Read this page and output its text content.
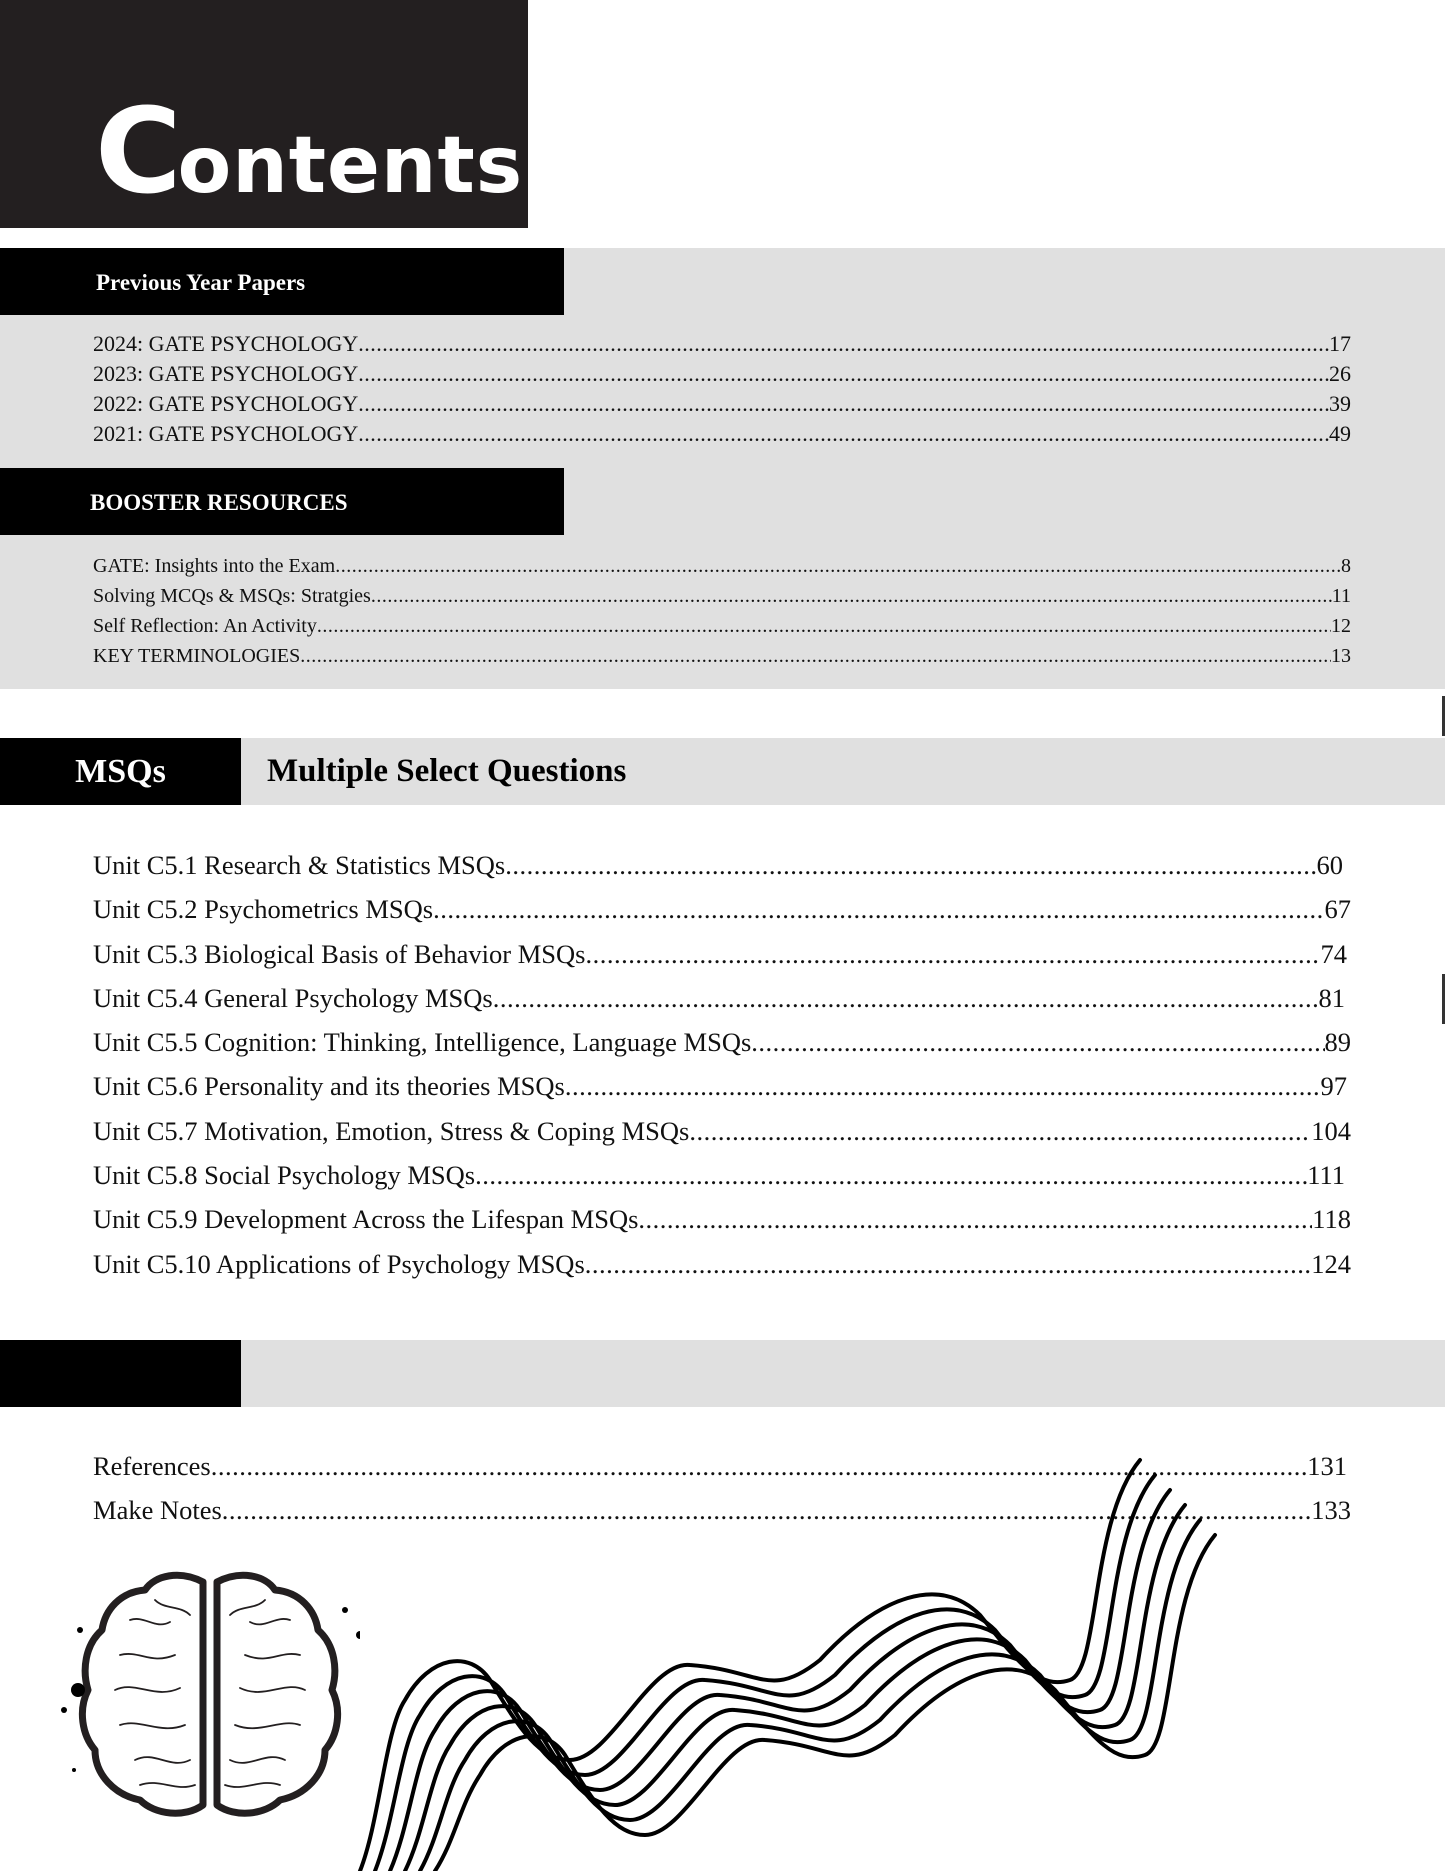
Contents
Previous Year Papers
2024: GATE PSYCHOLOGY .....	17
2023: GATE PSYCHOLOGY .....	26
2022: GATE PSYCHOLOGY .....	39
2021: GATE PSYCHOLOGY .....	49
BOOSTER RESOURCES
GATE: Insights into the Exam .....	8
Solving MCQs & MSQs: Stratgies .....	11
Self Reflection: An Activity .....	12
KEY TERMINOLOGIES .....	13
MSQs	Multiple Select Questions
Unit C5.1 Research & Statistics MSQs .....	60
Unit C5.2 Psychometrics MSQs .....	67
Unit C5.3 Biological Basis of Behavior MSQs .....	74
Unit C5.4 General Psychology MSQs .....	81
Unit C5.5 Cognition: Thinking, Intelligence, Language MSQs .....	89
Unit C5.6 Personality and its theories MSQs .....	97
Unit C5.7 Motivation, Emotion, Stress & Coping MSQs .....	104
Unit C5.8 Social Psychology MSQs .....	111
Unit C5.9 Development Across the Lifespan MSQs .....	118
Unit C5.10 Applications of Psychology MSQs .....	124
References .....	131
Make Notes .....	133
